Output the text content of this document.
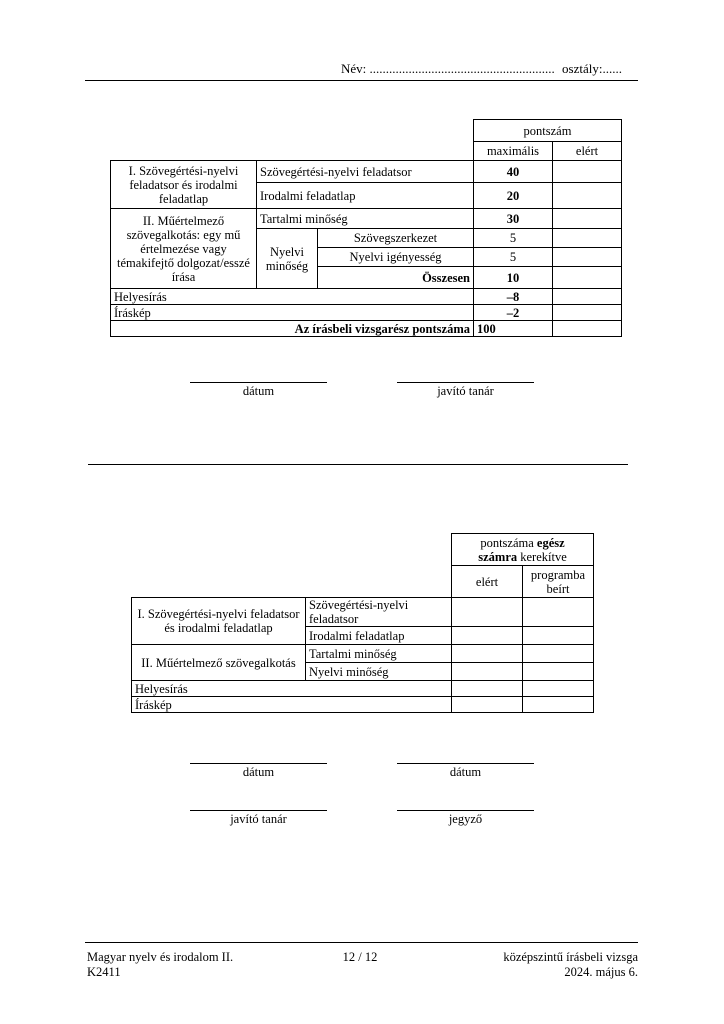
Név: ......................................................... osztály:......
			pontszám	
			maximális	elért
I. Szövegértési-nyelvi feladatsor és irodalmi feladatlap	Szövegértési-nyelvi feladatsor		40	
	Irodalmi feladatlap		20	
II. Műértelmező szövegalkotás: egy mű értelmezése vagy témakifejtő dolgozat/esszé írása	Tartalmi minőség		30	
	Nyelvi minőség	Szövegszerkezet	5	
		Nyelvi igényesség	5	
		Összesen	10	
Helyesírás			–8	
Íráskép			–2	
Az írásbeli vizsgarész pontszáma			100	
dátum	javító tanár
		pontszáma egész
számra kerekítve	
		elért	programba beírt
I. Szövegértési-nyelvi feladatsor és irodalmi feladatlap	Szövegértési-nyelvi feladatsor		
	Irodalmi feladatlap		
II. Műértelmező szövegalkotás	Tartalmi minőség		
	Nyelvi minőség		
Helyesírás			
Íráskép			
dátum	dátum
javító tanár	jegyző
Magyar nyelv és irodalom II.
K2411
12 / 12	középszintű írásbeli vizsga
2024. május 6.
